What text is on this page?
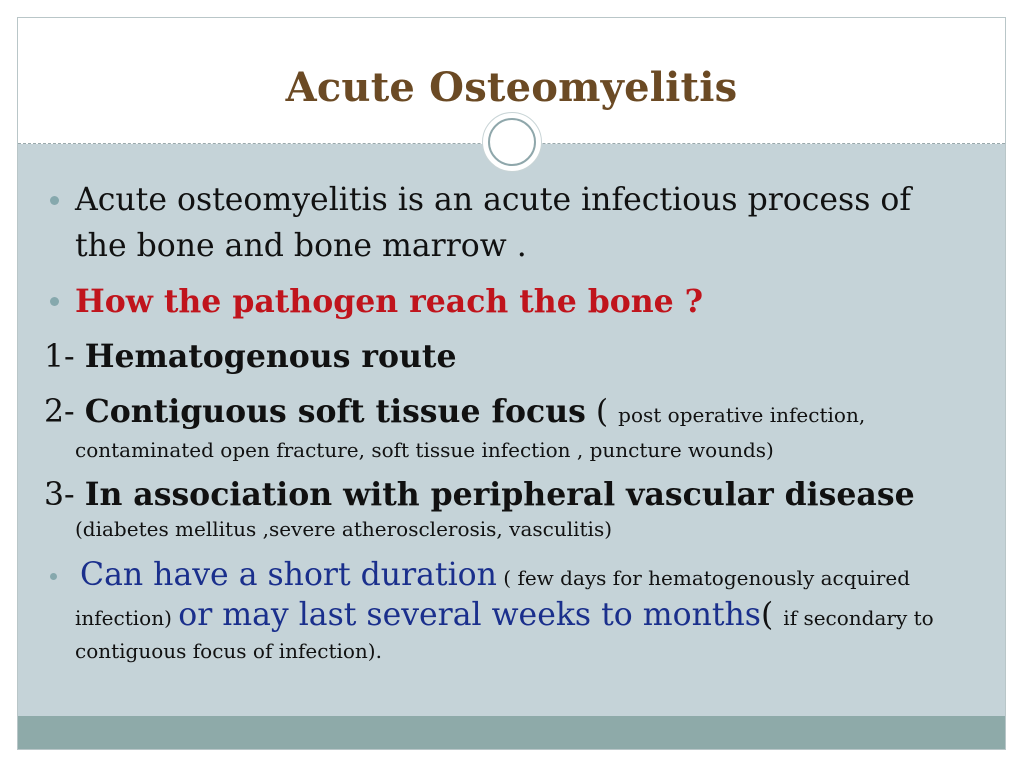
Acute Osteomyelitis
Acute osteomyelitis is an acute infectious process of
the bone and bone marrow .
How the pathogen reach the bone ?
1- Hematogenous route
2- Contiguous soft tissue focus ( post operative infection,
contaminated open fracture, soft tissue infection , puncture wounds)
3- In association with peripheral vascular disease
(diabetes mellitus ,severe atherosclerosis, vasculitis)
Can have a short duration ( few days for hematogenously acquired
infection) or may last several weeks to months( if secondary to
contiguous focus of infection).
